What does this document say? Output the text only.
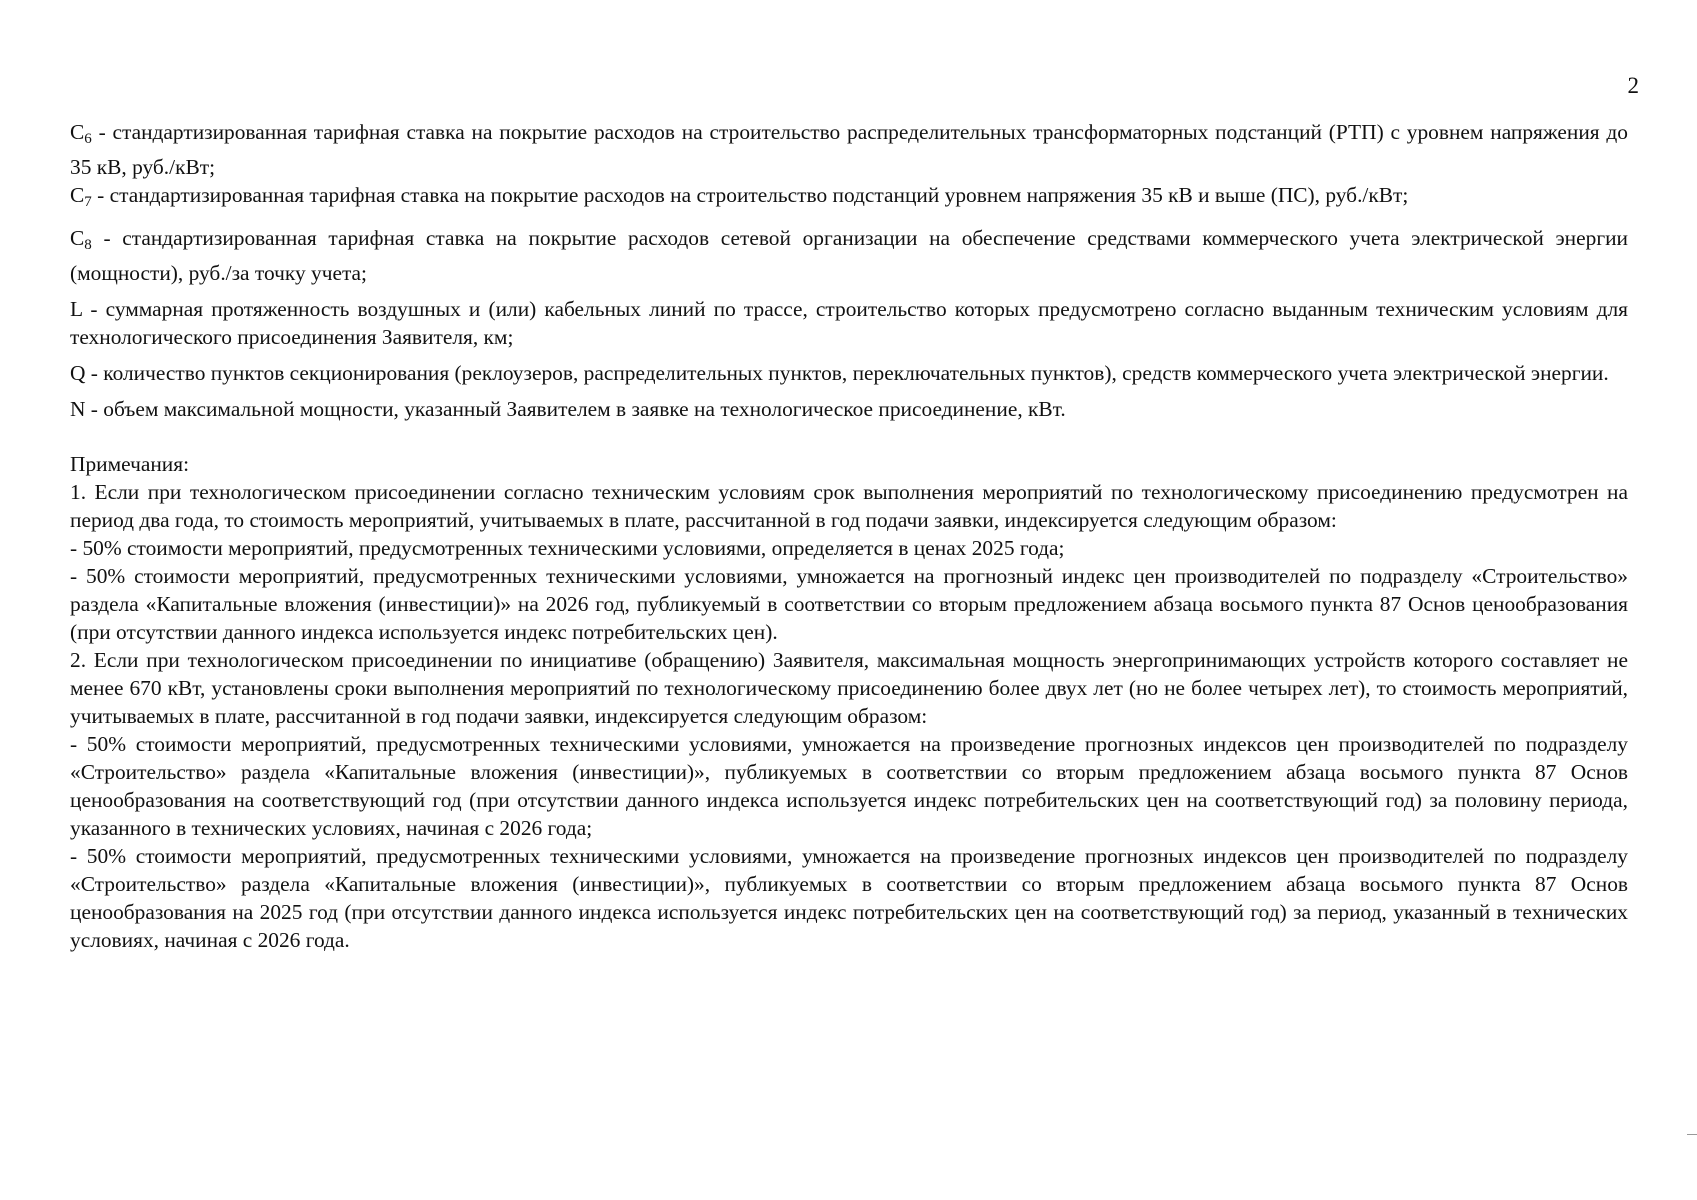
2

$C_6$ - стандартизированная тарифная ставка на покрытие расходов на строительство распределительных трансформаторных подстанций (РТП) с уровнем напряжения до 35 кВ, руб./кВт;

$C_7$ - стандартизированная тарифная ставка на покрытие расходов на строительство подстанций уровнем напряжения 35 кВ и выше (ПС), руб./кВт;

$C_8$ - стандартизированная тарифная ставка на покрытие расходов сетевой организации на обеспечение средствами коммерческого учета электрической энергии (мощности), руб./за точку учета;

L - суммарная протяженность воздушных и (или) кабельных линий по трассе, строительство которых предусмотрено согласно выданным техническим условиям для технологического присоединения Заявителя, км;

Q - количество пунктов секционирования (реклоузеров, распределительных пунктов, переключательных пунктов), средств коммерческого учета электрической энергии.

N - объем максимальной мощности, указанный Заявителем в заявке на технологическое присоединение, кВт.

Примечания:

1. Если при технологическом присоединении согласно техническим условиям срок выполнения мероприятий по технологическому присоединению предусмотрен на период два года, то стоимость мероприятий, учитываемых в плате, рассчитанной в год подачи заявки, индексируется следующим образом:

- 50% стоимости мероприятий, предусмотренных техническими условиями, определяется в ценах 2025 года;

- 50% стоимости мероприятий, предусмотренных техническими условиями, умножается на прогнозный индекс цен производителей по подразделу «Строительство» раздела «Капитальные вложения (инвестиции)» на 2026 год, публикуемый в соответствии со вторым предложением абзаца восьмого пункта 87 Основ ценообразования (при отсутствии данного индекса используется индекс потребительских цен).

2. Если при технологическом присоединении по инициативе (обращению) Заявителя, максимальная мощность энергопринимающих устройств которого составляет не менее 670 кВт, установлены сроки выполнения мероприятий по технологическому присоединению более двух лет (но не более четырех лет), то стоимость мероприятий, учитываемых в плате, рассчитанной в год подачи заявки, индексируется следующим образом:

- 50% стоимости мероприятий, предусмотренных техническими условиями, умножается на произведение прогнозных индексов цен производителей по подразделу «Строительство» раздела «Капитальные вложения (инвестиции)», публикуемых в соответствии со вторым предложением абзаца восьмого пункта 87 Основ ценообразования на соответствующий год (при отсутствии данного индекса используется индекс потребительских цен на соответствующий год) за половину периода, указанного в технических условиях, начиная с 2026 года;

- 50% стоимости мероприятий, предусмотренных техническими условиями, умножается на произведение прогнозных индексов цен производителей по подразделу «Строительство» раздела «Капитальные вложения (инвестиции)», публикуемых в соответствии со вторым предложением абзаца восьмого пункта 87 Основ ценообразования на 2025 год (при отсутствии данного индекса используется индекс потребительских цен на соответствующий год) за период, указанный в технических условиях, начиная с 2026 года.
